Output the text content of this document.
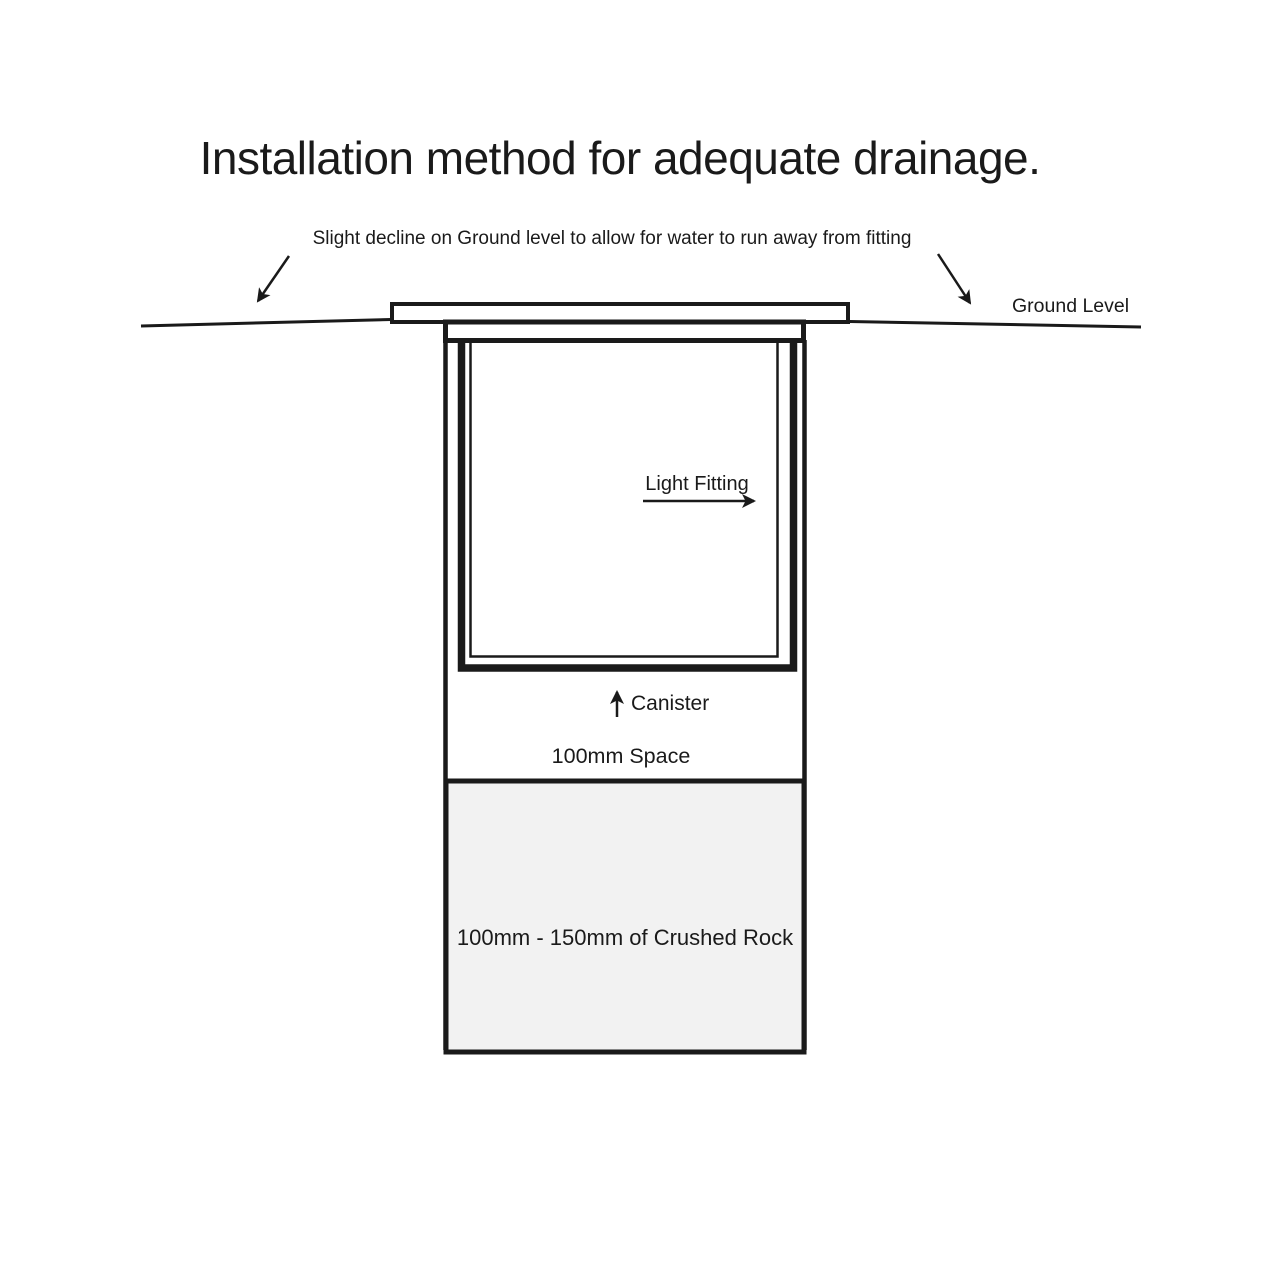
Installation method for adequate drainage.
Slight decline on Ground level to allow for water to run away from fitting
Ground Level
Light Fitting
Canister
100mm Space
100mm - 150mm of Crushed Rock
